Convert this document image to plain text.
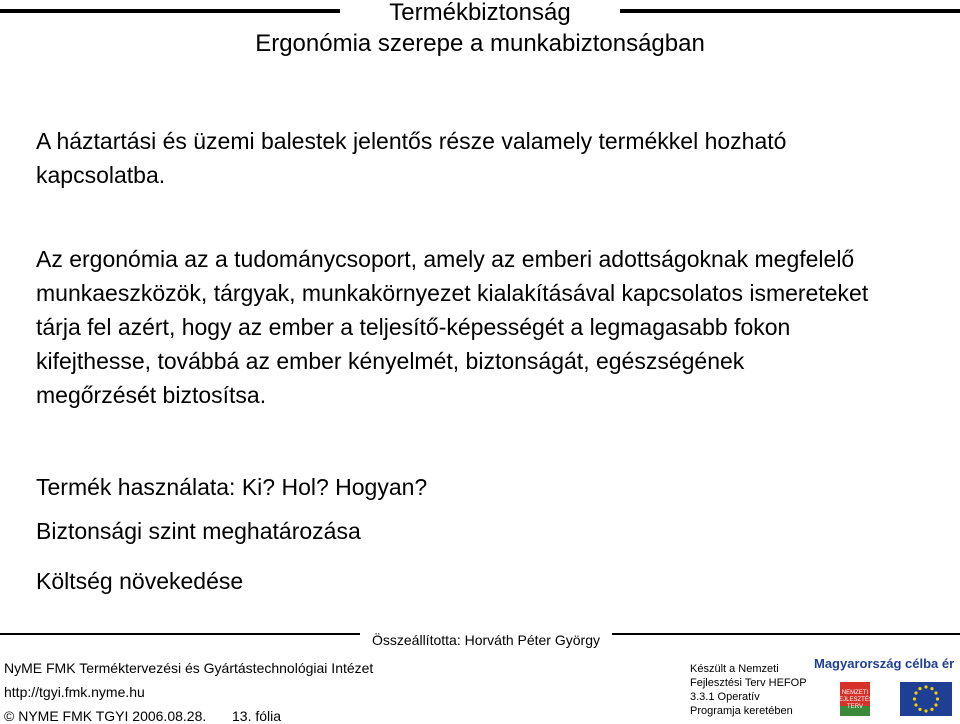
Termékbiztonság
Ergonómia szerepe a munkabiztonságban
A háztartási és üzemi balestek jelentős része valamely termékkel hozható
kapcsolatba.
Az ergonómia az a tudománycsoport, amely az emberi adottságoknak megfelelő
munkaeszközök, tárgyak, munkakörnyezet kialakításával kapcsolatos ismereteket
tárja fel azért, hogy az ember a teljesítő-képességét a legmagasabb fokon
kifejthesse, továbbá az ember kényelmét, biztonságát, egészségének
megőrzését biztosítsa.
Termék használata: Ki? Hol? Hogyan?
Biztonsági szint meghatározása
Költség növekedése
Összeállította: Horváth Péter György
NyME FMK Terméktervezési és Gyártástechnológiai Intézet
http://tgyi.fmk.nyme.hu
© NYME FMK TGYI 2006.08.28. 13. fólia
Készült a Nemzeti
Fejlesztési Terv HEFOP
3.3.1 Operatív
Programja keretében
Magyarország célba ér
NEMZETI
FEJLESZTÉSI
TERV
